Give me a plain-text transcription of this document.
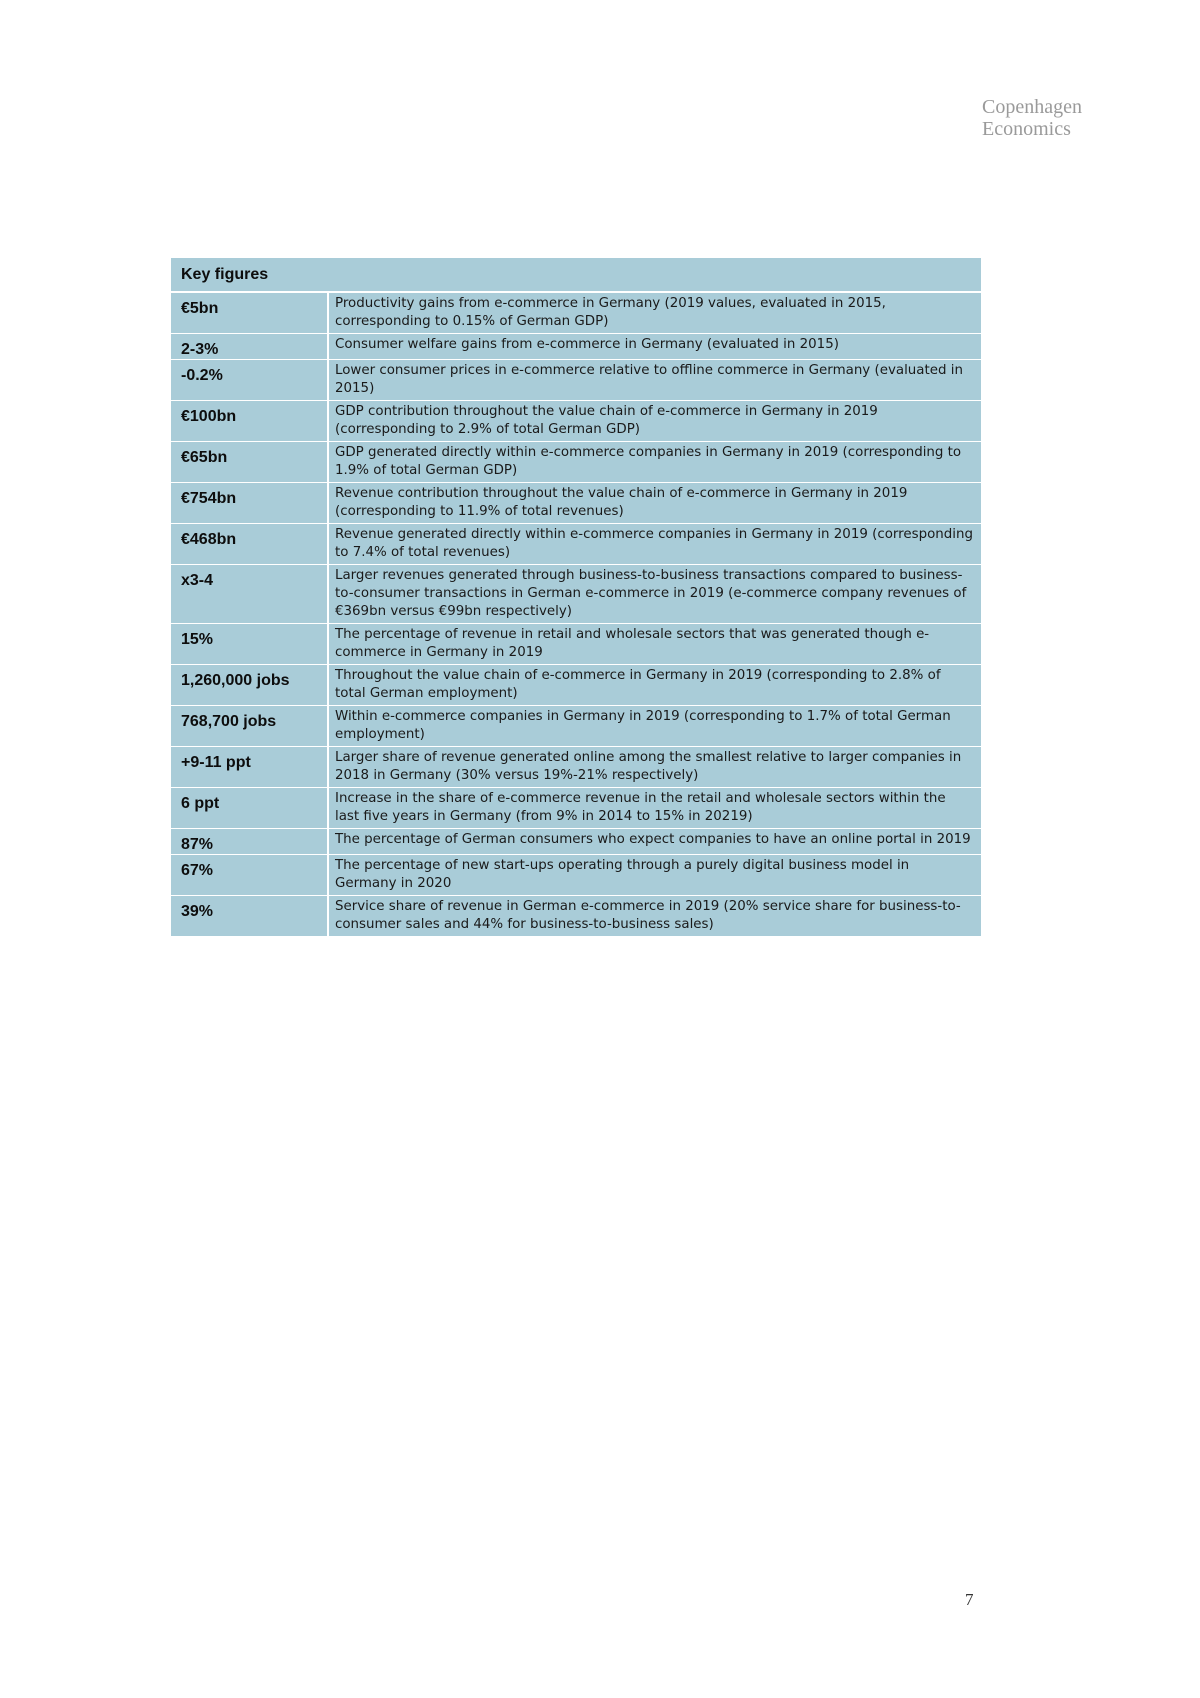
Copenhagen
Economics
Key figures
€5bn	Productivity gains from e-commerce in Germany (2019 values, evaluated in 2015, corresponding to 0.15% of German GDP)
2-3%	Consumer welfare gains from e-commerce in Germany (evaluated in 2015)
-0.2%	Lower consumer prices in e-commerce relative to offline commerce in Germany (evaluated in 2015)
€100bn	GDP contribution throughout the value chain of e-commerce in Germany in 2019 (corresponding to 2.9% of total German GDP)
€65bn	GDP generated directly within e-commerce companies in Germany in 2019 (corresponding to 1.9% of total German GDP)
€754bn	Revenue contribution throughout the value chain of e-commerce in Germany in 2019 (corresponding to 11.9% of total revenues)
€468bn	Revenue generated directly within e-commerce companies in Germany in 2019 (corresponding to 7.4% of total revenues)
x3-4	Larger revenues generated through business-to-business transactions compared to business-to-consumer transactions in German e-commerce in 2019 (e-commerce company revenues of €369bn versus €99bn respectively)
15%	The percentage of revenue in retail and wholesale sectors that was generated though e-commerce in Germany in 2019
1,260,000 jobs	Throughout the value chain of e-commerce in Germany in 2019 (corresponding to 2.8% of total German employment)
768,700 jobs	Within e-commerce companies in Germany in 2019 (corresponding to 1.7% of total German employment)
+9-11 ppt	Larger share of revenue generated online among the smallest relative to larger companies in 2018 in Germany (30% versus 19%-21% respectively)
6 ppt	Increase in the share of e-commerce revenue in the retail and wholesale sectors within the last five years in Germany (from 9% in 2014 to 15% in 20219)
87%	The percentage of German consumers who expect companies to have an online portal in 2019
67%	The percentage of new start-ups operating through a purely digital business model in Germany in 2020
39%	Service share of revenue in German e-commerce in 2019 (20% service share for business-to-consumer sales and 44% for business-to-business sales)
7
